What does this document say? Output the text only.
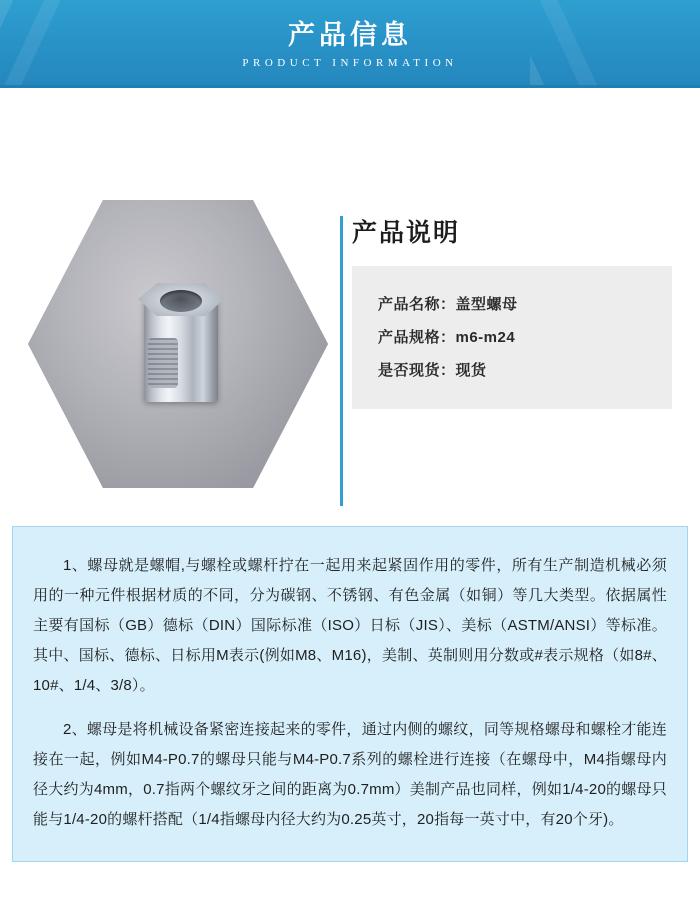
产品信息
PRODUCT INFORMATION
产品说明
产品名称：盖型螺母
产品规格：m6-m24
是否现货：现货

1、螺母就是螺帽,与螺栓或螺杆拧在一起用来起紧固作用的零件，所有生产制造机械必须用的一种元件根据材质的不同，分为碳钢、不锈钢、有色金属（如铜）等几大类型。依据属性主要有国标（GB）德标（DIN）国际标准（ISO）日标（JIS）、美标（ASTM/ANSI）等标准。其中、国标、德标、日标用M表示(例如M8、M16)，美制、英制则用分数或#表示规格（如8#、10#、1/4、3/8）。

2、螺母是将机械设备紧密连接起来的零件，通过内侧的螺纹，同等规格螺母和螺栓才能连接在一起，例如M4-P0.7的螺母只能与M4-P0.7系列的螺栓进行连接（在螺母中，M4指螺母内径大约为4mm，0.7指两个螺纹牙之间的距离为0.7mm）美制产品也同样，例如1/4-20的螺母只能与1/4-20的螺杆搭配（1/4指螺母内径大约为0.25英寸，20指每一英寸中，有20个牙)。
